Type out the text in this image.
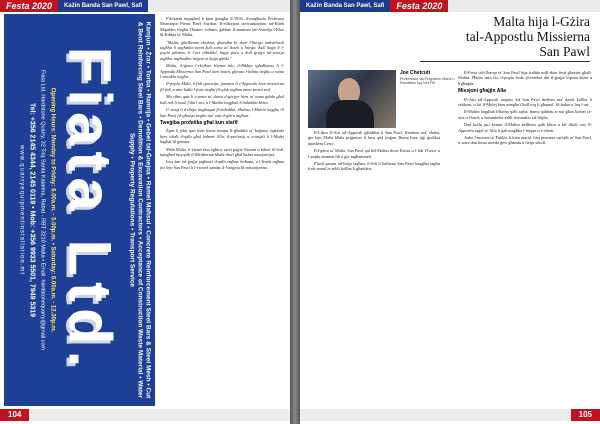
Festa 2020	Każin Banda San Pawl, Safi
Kamjun • Żrar • Torba • Ħamrija • Gebel tal-Ġnejna • Ramel Maħsul • Concrete Reinforcement Steel Bars & Steel Mesh • Cut & Bent Reinforcing Steel Bars • Demolition & Excavation Contractors • Acceptance of Construction Waste Material • Water Supply • Property Regulations • Transport Service
Fiata Ltd.
Opening Hours: Monday to Friday: 6.00a.m. - 5.00p.m. • Saturday: 6.00a.m. - 12.30p.m.
Fiata Ltd, Hardstone Quarry, 32 Triq Santa Katarina, Rabat - RBT 3210 Malta • Email: hardstonequarry@gmail.com
Tel: +356 2145 4344, 2145 0119 • Mob: +356 9933 5501, 7949 5319
www.quarryequipmentinstallation.mt

F'dokient inqagħad li kien ġimgħa fl-1936, il-magħrufa Professur Monsinjur Pietru Pawl Saydon. Il-edizzjoni tat-traduzzjoni tal-Ktieb Mqaddes tiegħu f'ħames volumi, ġabbar fl-ammont tal-Assedju l-Kbir bl-Bibbja ta' Malta.

"Malta, għalkemm ċkejkna, għandha bi xkeil l-ħtieġa individwali tagħha li sagħtitha minn kull xorta ta' ħsieb u ħtieġa. Kull ħaġa li l-poplu jaħdem, li l-art titbiddel, ħajja pura u kull ġrajja tal-istorja tagħha, tagħmilha dejjem xi ħaġa ġdida."

Malta, il-ġżira l-ċkejkna b'sema blu, il-Bibbja tgħallimna li l-Appostlu Missierna San Pawl kien hawn, għexna l-kelma tiegħu u rajna l-miraklu tiegħu.

Il-poplu Malti, b'fidi qawwija, jemmen li l-Appostlu kien missierna fil-fidi, u dan ħalla l-frott tiegħu fil-qlub tagħna minn żmien twil.

Ma sibtu qatt li s-sema ta' dawn il-gżejjer kien ta' tama ġdida għal kull ruħ li tasal f'din l-art, u l-Maltin laqgħuh b'imħabba kbira.

U xtaqt li d-dinja tingħaqad fl-imħabba, bħalma l-Maltin laqgħu lil San Pawl fil-għarqa tiegħu ma' xtut il-gżira tagħna.

Tweġiba profetika għal kun staŕif

Żgur li jekk qari kien hawn minnu fl-għaddid ta' ħajjitna, tqabbila biex tiftaħ il-qalb għal kelmet Alla, il-profeziji u s-sinjali li l-Mulej bagħat lil ġensna.

Mela Malta, li kienet biss żgħira, saret pajjiż Nisrani u kibret fil-fidi, tqiegħed fuq qalb il-Mediterran bħala dawl għal ħafna nazzjonijiet.

Issa dan tal-ġrajja jagħmel il-qalb tagħna ferħana, u l-ħsieb tagħna jtir lejn San Pawl li l-ewwel xandar il-Vanġelu lil missirijietna.

104
Każin Banda San Pawl, Safi	Festa 2020
Malta hija l-Gżira
tal-Appostlu Missierna
San Pawl
Joe Chetcuti
Preżentatur tal-Programm Mardi u Randidien fuq Net FM

Il-Libru fl-Atti tal-Appostli jgħidilna li San Pawl, flimkien ma' sħabu, ġie lejn Malta bħala priġunier li kien qed jinġarr Ruma biex jiġi ġudikat quddiem Ċesri.

Fil-gżira ta' Malta, San Pawl qal lill-Maltin dwar Kristu u l-fidi f'Ġesù, u l-poplu emmen fih u ġie mgħammed.

F'kull qasam tal-ħajja tagħna, il-fidi li ħalliena San Pawl baqgħet tagħti frott matul is-sekli kollha li għaddew.

Il-Festa tal-Għarqa ta' San Pawl hija waħda mill-iktar festi għeżież għall-Maltin. Ħafna snin ilu, il-poplu beda jiċċelebra din il-ġrajja b'qima kbira u b'għaqda.

Missjoni għajjin Alla

Fl-Atti tal-Appostli naqraw kif San Pawl tkellem ma' dawk kollha li sabhom, u kif il-Mulej kien miegħu f'kull triq li għamel, fil-baħar u fuq l-art.

Il-Maltin laqgħuh b'ħafna qalb tajba; huma qabbdu n-nar għax kienet ix-xita u l-bard, u hemmhekk seħħ il-miraklu tal-lifgħa.

Dan kollu juri kemm il-Maltin kellhom qalb kbira u kif ilkoll raw fl-Appostlu raġel ta' Alla li ġab magħha l-fejqan u s-sliem.

Anke l-missier ta' Publju, li kien marid, fieq permezz tat-talb ta' San Pawl, u wara dan bosta morda ġew għandu u fiequ wkoll.

105
